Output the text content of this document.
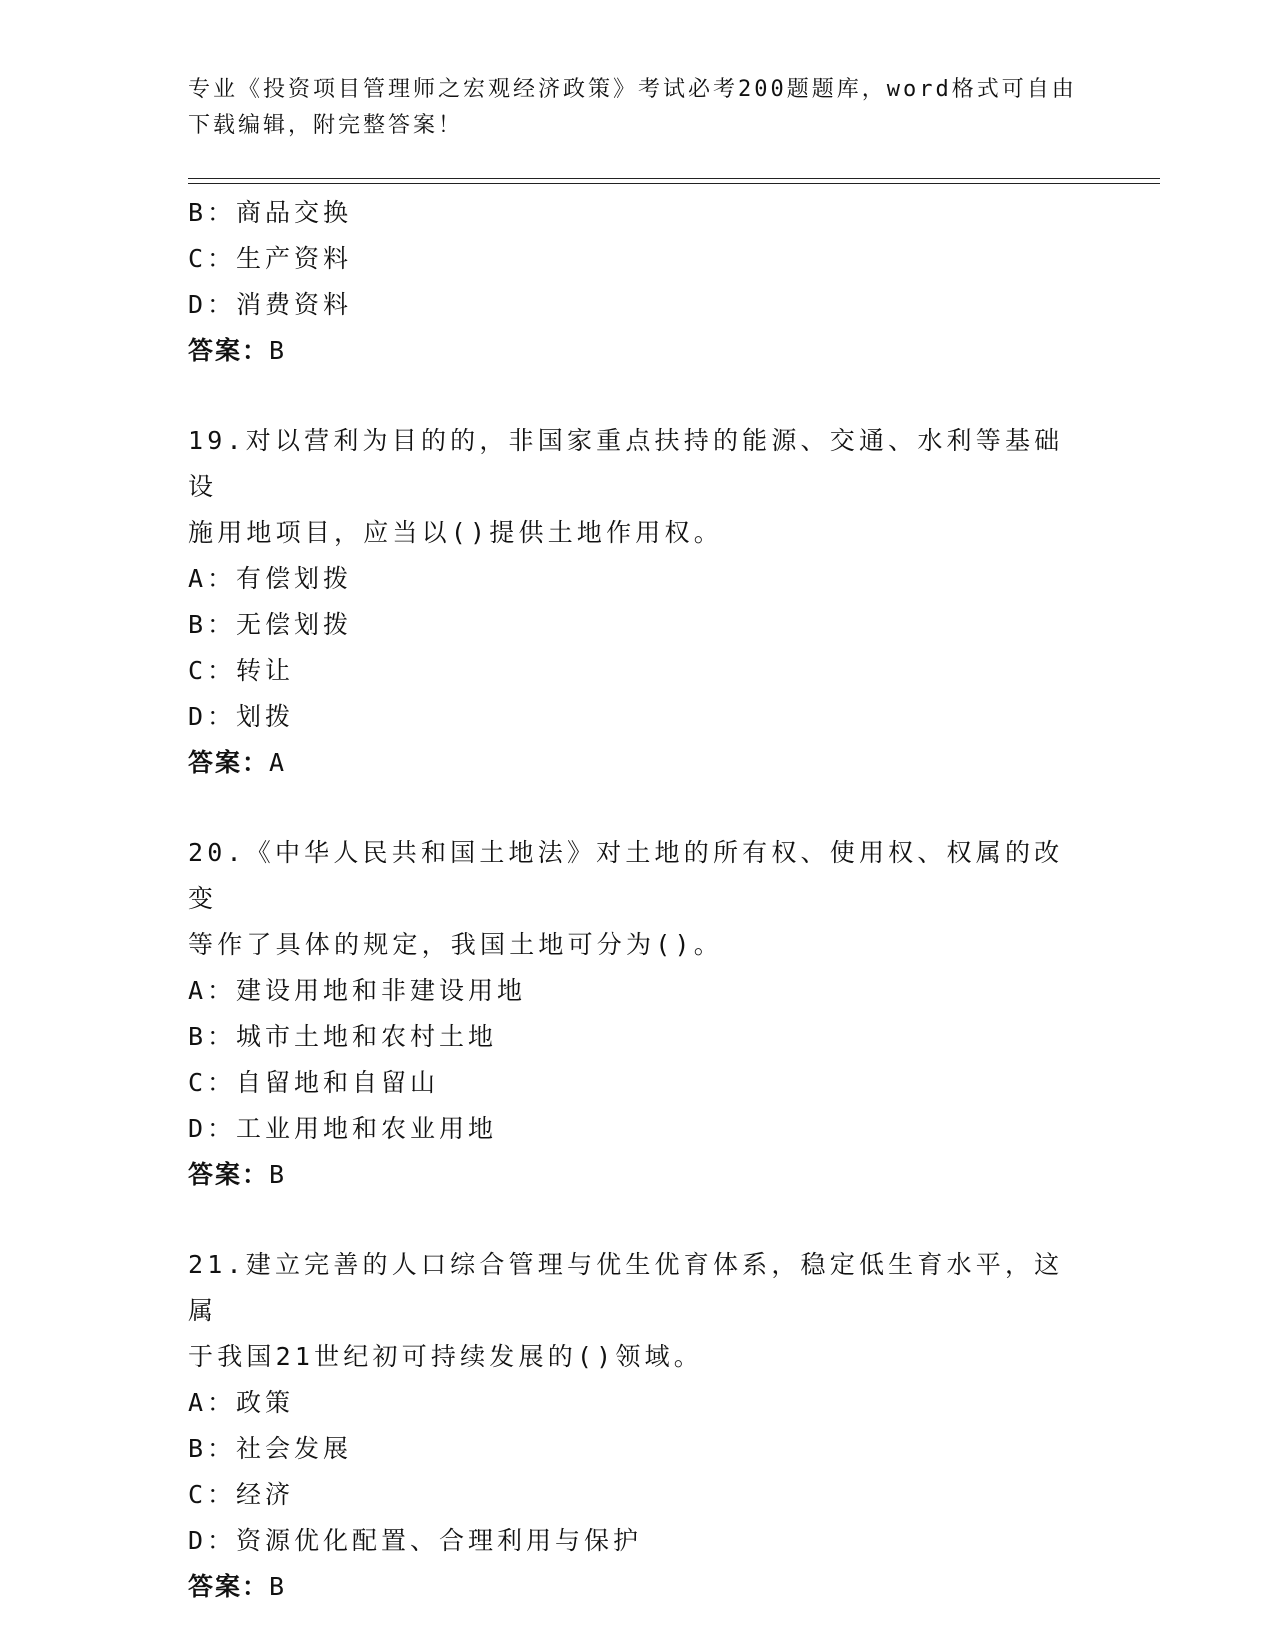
专业《投资项目管理师之宏观经济政策》考试必考200题题库，word格式可自由下载编辑，附完整答案！
B：商品交换
C：生产资料
D：消费资料
答案：B
19.对以营利为目的的，非国家重点扶持的能源、交通、水利等基础设
施用地项目，应当以()提供土地作用权。
A：有偿划拨
B：无偿划拨
C：转让
D：划拨
答案：A
20.《中华人民共和国土地法》对土地的所有权、使用权、权属的改变
等作了具体的规定，我国土地可分为()。
A：建设用地和非建设用地
B：城市土地和农村土地
C：自留地和自留山
D：工业用地和农业用地
答案：B
21.建立完善的人口综合管理与优生优育体系，稳定低生育水平，这属
于我国21世纪初可持续发展的()领域。
A：政策
B：社会发展
C：经济
D：资源优化配置、合理利用与保护
答案：B
